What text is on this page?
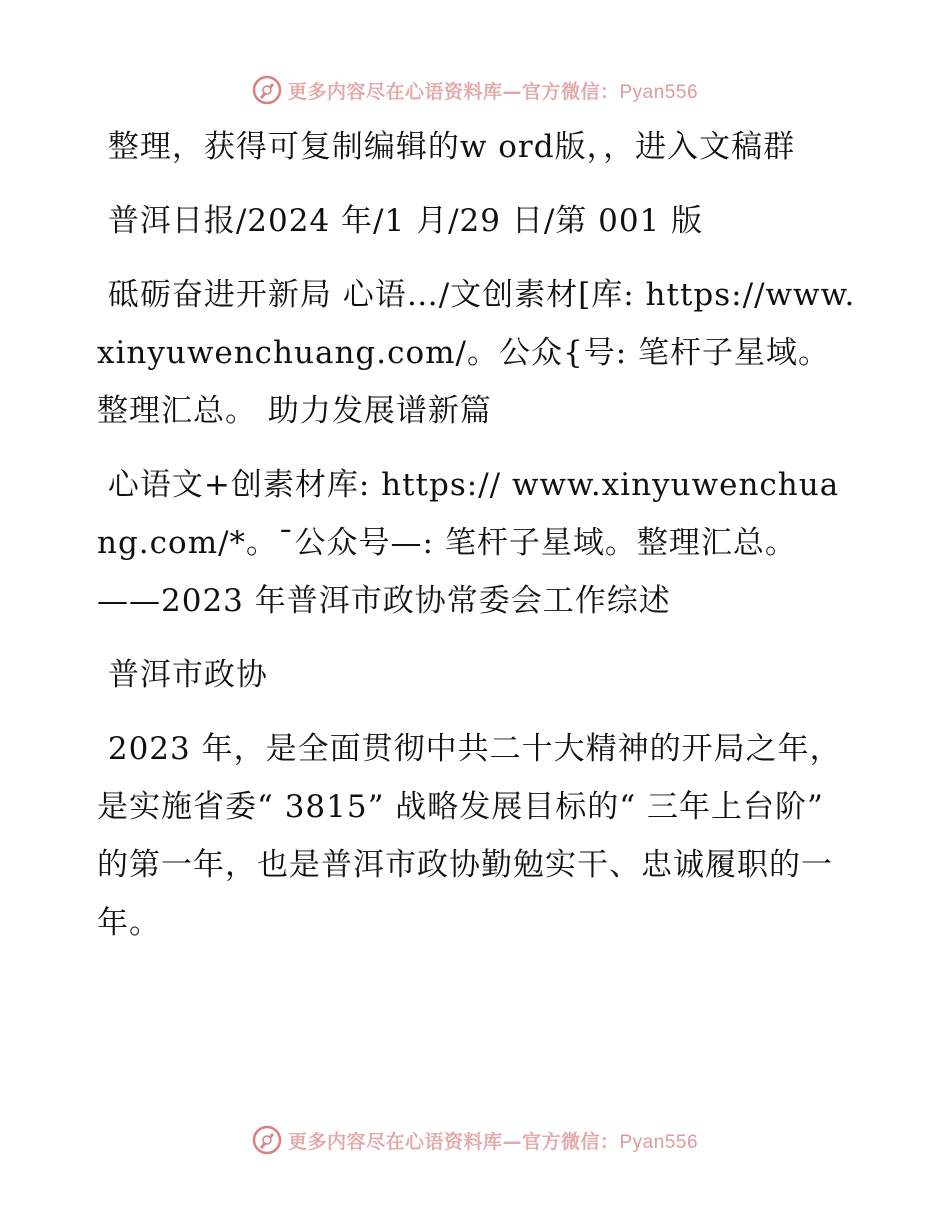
更多内容尽在心语资料库—官方微信：Pyan556

整理，获得可复制编辑的w ord版，，进入文稿群

普洱日报/2024 年/1 月/29 日/第 001 版

砥砺奋进开新局 心语…/文创素材[库: https://www.xinyuwenchuang.com/。公众{号: 笔杆子星域。整理汇总。 助力发展谱新篇

心语文+创素材库: https:// www.xinyuwenchuang.com/*。¯公众号—: 笔杆子星域。整理汇总。——2023 年普洱市政协常委会工作综述

普洱市政协

2023 年，是全面贯彻中共二十大精神的开局之年，是实施省委“ 3815” 战略发展目标的“ 三年上台阶” 的第一年，也是普洱市政协勤勉实干、忠诚履职的一年。

更多内容尽在心语资料库—官方微信：Pyan556
